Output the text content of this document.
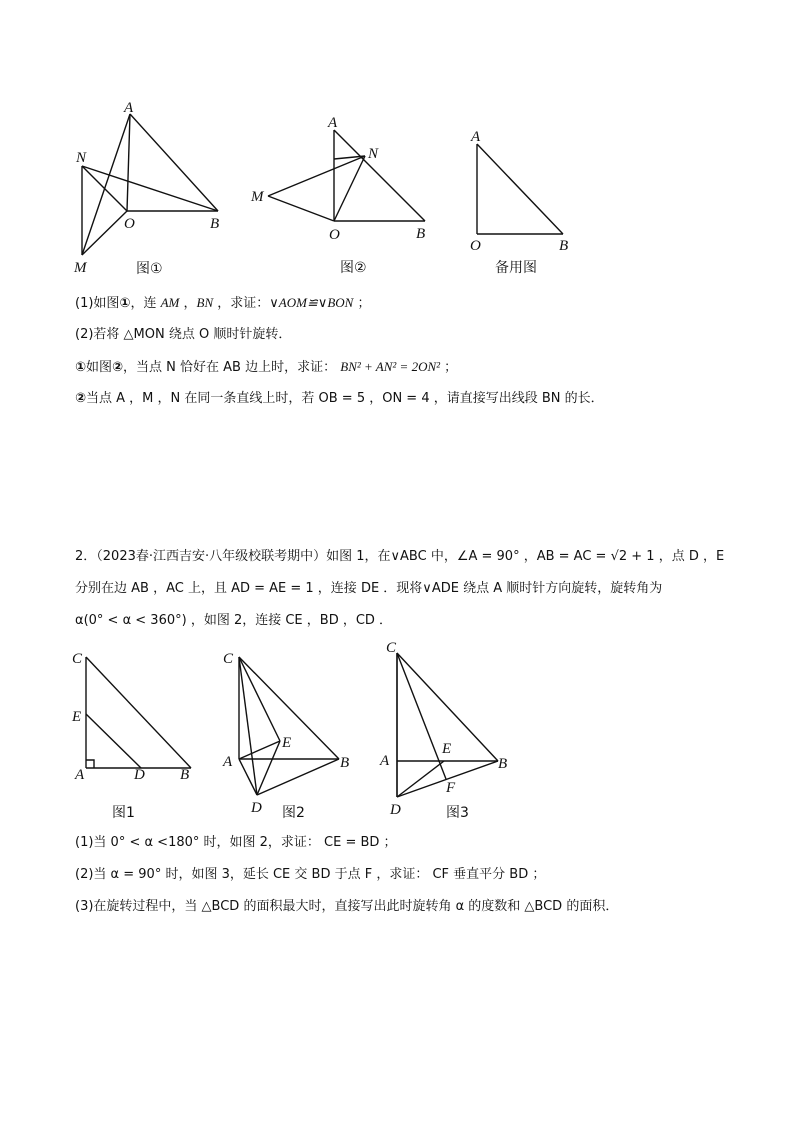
A
N
O	B
M	图①
A
N
M
O	B
图②
A
O	B
备用图
(1)如图①，连 AM ，BN ，求证：∨AOM≌∨BON ；
(2)若将 △MON 绕点 O 顺时针旋转．
①如图②，当点 N 恰好在 AB 边上时，求证： BN² + AN² = 2ON² ；
②当点 A ，M ，N 在同一条直线上时，若 OB = 5 ，ON = 4 ，请直接写出线段 BN 的长．
2．（2023春·江西吉安·八年级校联考期中）如图 1，在∨ABC 中，∠A = 90° ，AB = AC = √2 + 1 ，点 D ，E
分别在边 AB ，AC 上，且 AD = AE = 1 ，连接 DE ．现将∨ADE 绕点 A 顺时针方向旋转，旋转角为
α(0° < α < 360°) ，如图 2，连接 CE ，BD ，CD ．
C
E
A	D B
图1
C
E
A	B
D 图2
C
E
A	B
F
D	图3
(1)当 0° < α <180° 时，如图 2，求证： CE = BD ；
(2)当 α = 90° 时，如图 3，延长 CE 交 BD 于点 F ，求证： CF 垂直平分 BD ；
(3)在旋转过程中，当 △BCD 的面积最大时，直接写出此时旋转角 α 的度数和 △BCD 的面积．
